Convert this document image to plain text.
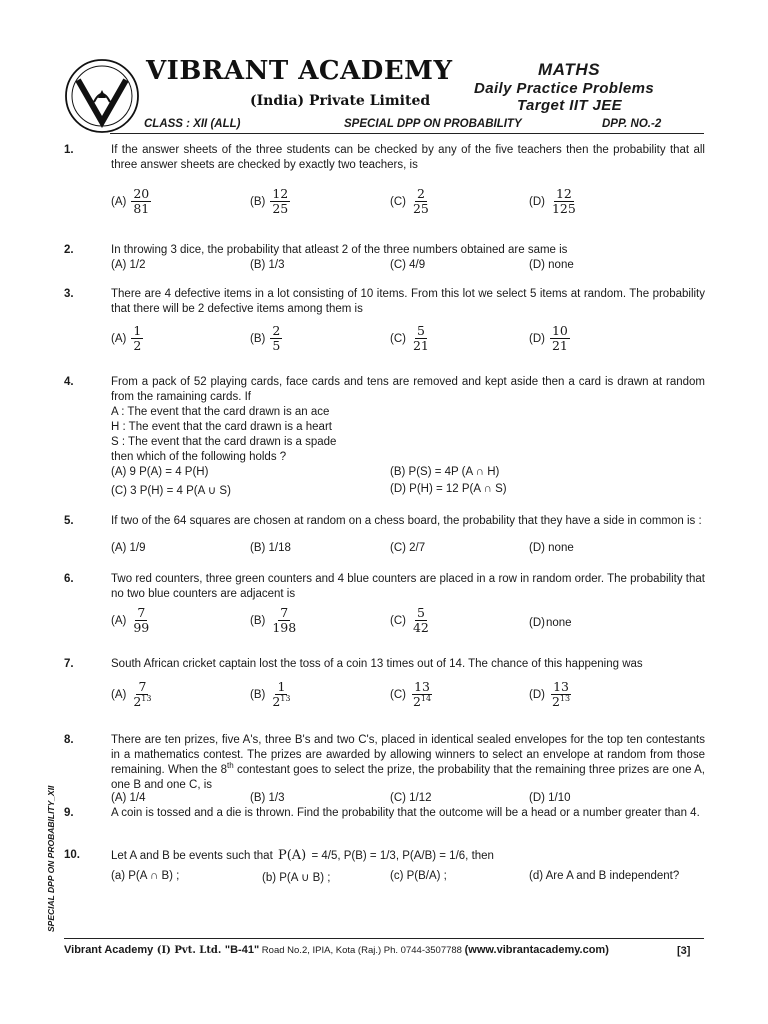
VIBRANT ACADEMY
(India) Private Limited
MATHS
Daily Practice Problems
Target IIT JEE
CLASS : XII (ALL)	SPECIAL DPP ON PROBABILITY	DPP. NO.-2
1.	If the answer sheets of the three students can be checked by any of the five teachers then the probability that all three answer sheets are checked by exactly two teachers, is
$(A) \frac{20}{81}$	$(B) \frac{12}{25}$	$(C) \frac{2}{25}$	$(D) \frac{12}{125}$
2.	In throwing 3 dice, the probability that atleast 2 of the three numbers obtained are same is
(A) 1/2	(B) 1/3	(C) 4/9	(D) none
3.	There are 4 defective items in a lot consisting of 10 items. From this lot we select 5 items at random. The probability that there will be 2 defective items among them is
$(A) \frac{1}{2}$	$(B) \frac{2}{5}$	$(C) \frac{5}{21}$	$(D) \frac{10}{21}$
4.	From a pack of 52 playing cards, face cards and tens are removed and kept aside then a card is drawn at random from the ramaining cards. If

A : The event that the card drawn is an ace

H : The event that the card drawn is a heart

S : The event that the card drawn is a spade

then which of the following holds ?

(A) 9 P(A) = 4 P(H)	(B) P(S) = 4P (A ∩ H)
(C) 3 P(H) = 4 P(A ∪ S)	(D) P(H) = 12 P(A ∩ S)
5.	If two of the 64 squares are chosen at random on a chess board, the probability that they have a side in common is :
(A) 1/9	(B) 1/18	(C) 2/7	(D) none
6.	Two red counters, three green counters and 4 blue counters are placed in a row in random order. The probability that no two blue counters are adjacent is
$(A) \frac{7}{99}$	$(B) \frac{7}{198}$	$(C) \frac{5}{42}$	(D)none
7.	South African cricket captain lost the toss of a coin 13 times out of 14. The chance of this happening was
$(A) \frac{7}{2^{13}}$	$(B) \frac{1}{2^{13}}$	$(C) \frac{13}{2^{14}}$	$(D) \frac{13}{2^{13}}$
8.	There are ten prizes, five A's, three B's and two C's, placed in identical sealed envelopes for the top ten contestants in a mathematics contest. The prizes are awarded by allowing winners to select an envelope at random from those remaining. When the 8th contestant goes to select the prize, the probability that the remaining three prizes are one A, one B and one C, is
(A) 1/4	(B) 1/3	(C) 1/12	(D) 1/10
9.	A coin is tossed and a die is thrown. Find the probability that the outcome will be a head or a number greater than 4.
10.	Let A and B be events such that P(A) = 4/5, P(B) = 1/3, P(A/B) = 1/6, then
(a) P(A ∩ B) ;	(b) P(A ∪ B) ;	(c) P(B/A) ;	(d) Are A and B independent?
SPECIAL DPP ON PROBABILITY_XII
Vibrant Academy (I) Pvt. Ltd. "B-41" Road No.2, IPIA, Kota (Raj.) Ph. 0744-3507788 (www.vibrantacademy.com)	[3]
